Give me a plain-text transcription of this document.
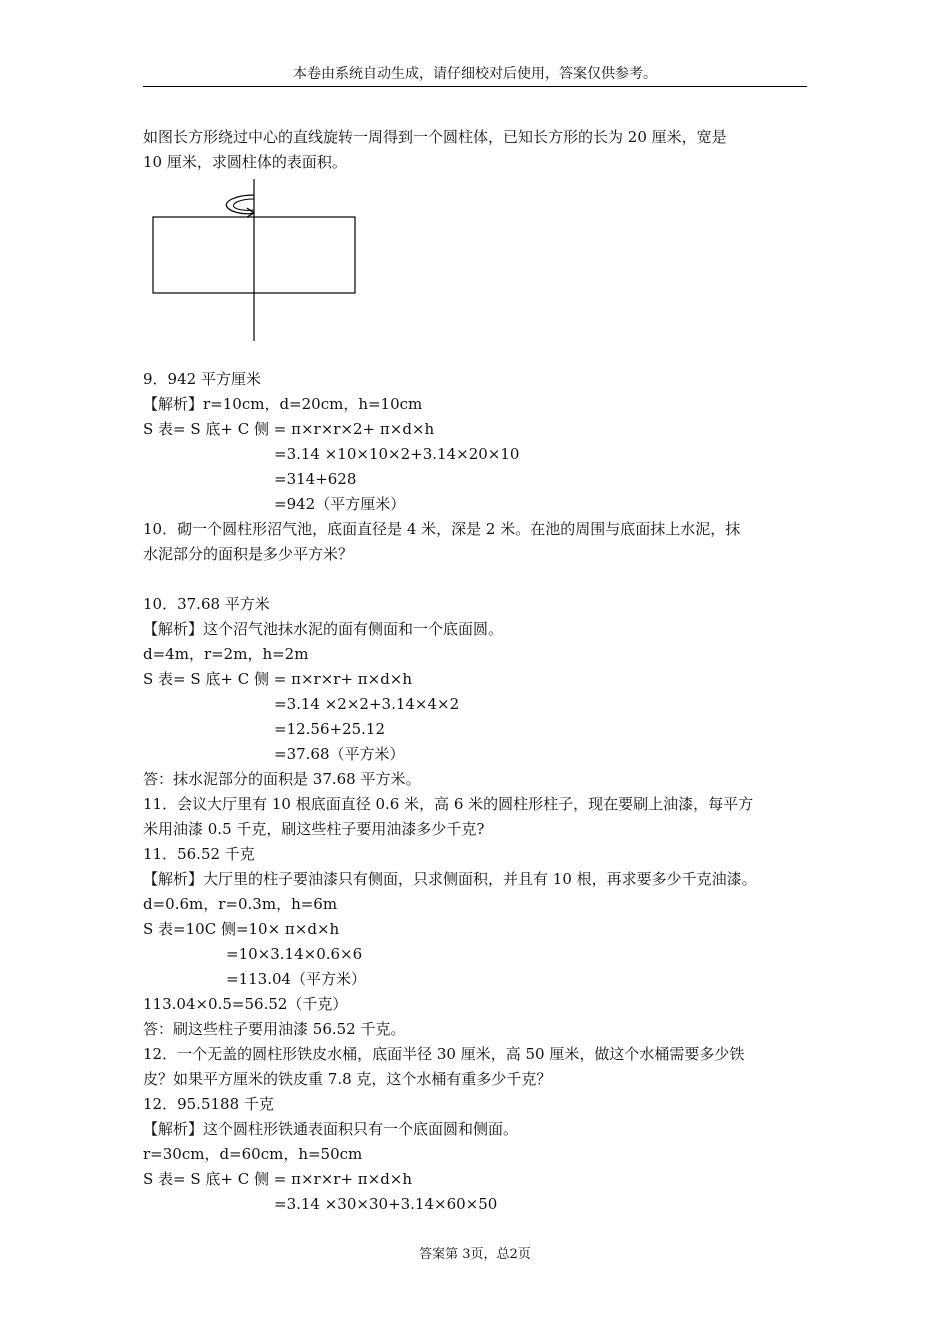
本卷由系统自动生成，请仔细校对后使用，答案仅供参考。
如图长方形绕过中心的直线旋转一周得到一个圆柱体，已知长方形的长为 20 厘米，宽是
10 厘米，求圆柱体的表面积。
9．942 平方厘米
【解析】r=10cm，d=20cm，h=10cm
S 表= S 底+ C 侧 = π×r×r×2+ π×d×h
=3.14 ×10×10×2+3.14×20×10
=314+628
=942（平方厘米）
10．砌一个圆柱形沼气池，底面直径是 4 米，深是 2 米。在池的周围与底面抹上水泥，抹
水泥部分的面积是多少平方米？
10．37.68 平方米
【解析】这个沼气池抹水泥的面有侧面和一个底面圆。
d=4m，r=2m，h=2m
S 表= S 底+ C 侧 = π×r×r+ π×d×h
=3.14 ×2×2+3.14×4×2
=12.56+25.12
=37.68（平方米）
答：抹水泥部分的面积是 37.68 平方米。
11．会议大厅里有 10 根底面直径 0.6 米，高 6 米的圆柱形柱子，现在要刷上油漆，每平方
米用油漆 0.5 千克，刷这些柱子要用油漆多少千克?
11．56.52 千克
【解析】大厅里的柱子要油漆只有侧面，只求侧面积，并且有 10 根，再求要多少千克油漆。
d=0.6m，r=0.3m，h=6m
S 表=10C 侧=10× π×d×h
=10×3.14×0.6×6
=113.04（平方米）
113.04×0.5=56.52（千克）
答：刷这些柱子要用油漆 56.52 千克。
12．一个无盖的圆柱形铁皮水桶，底面半径 30 厘米，高 50 厘米，做这个水桶需要多少铁
皮？如果平方厘米的铁皮重 7.8 克，这个水桶有重多少千克？
12．95.5188 千克
【解析】这个圆柱形铁通表面积只有一个底面圆和侧面。
r=30cm，d=60cm，h=50cm
S 表= S 底+ C 侧 = π×r×r+ π×d×h
=3.14 ×30×30+3.14×60×50
答案第 3页，总2页
